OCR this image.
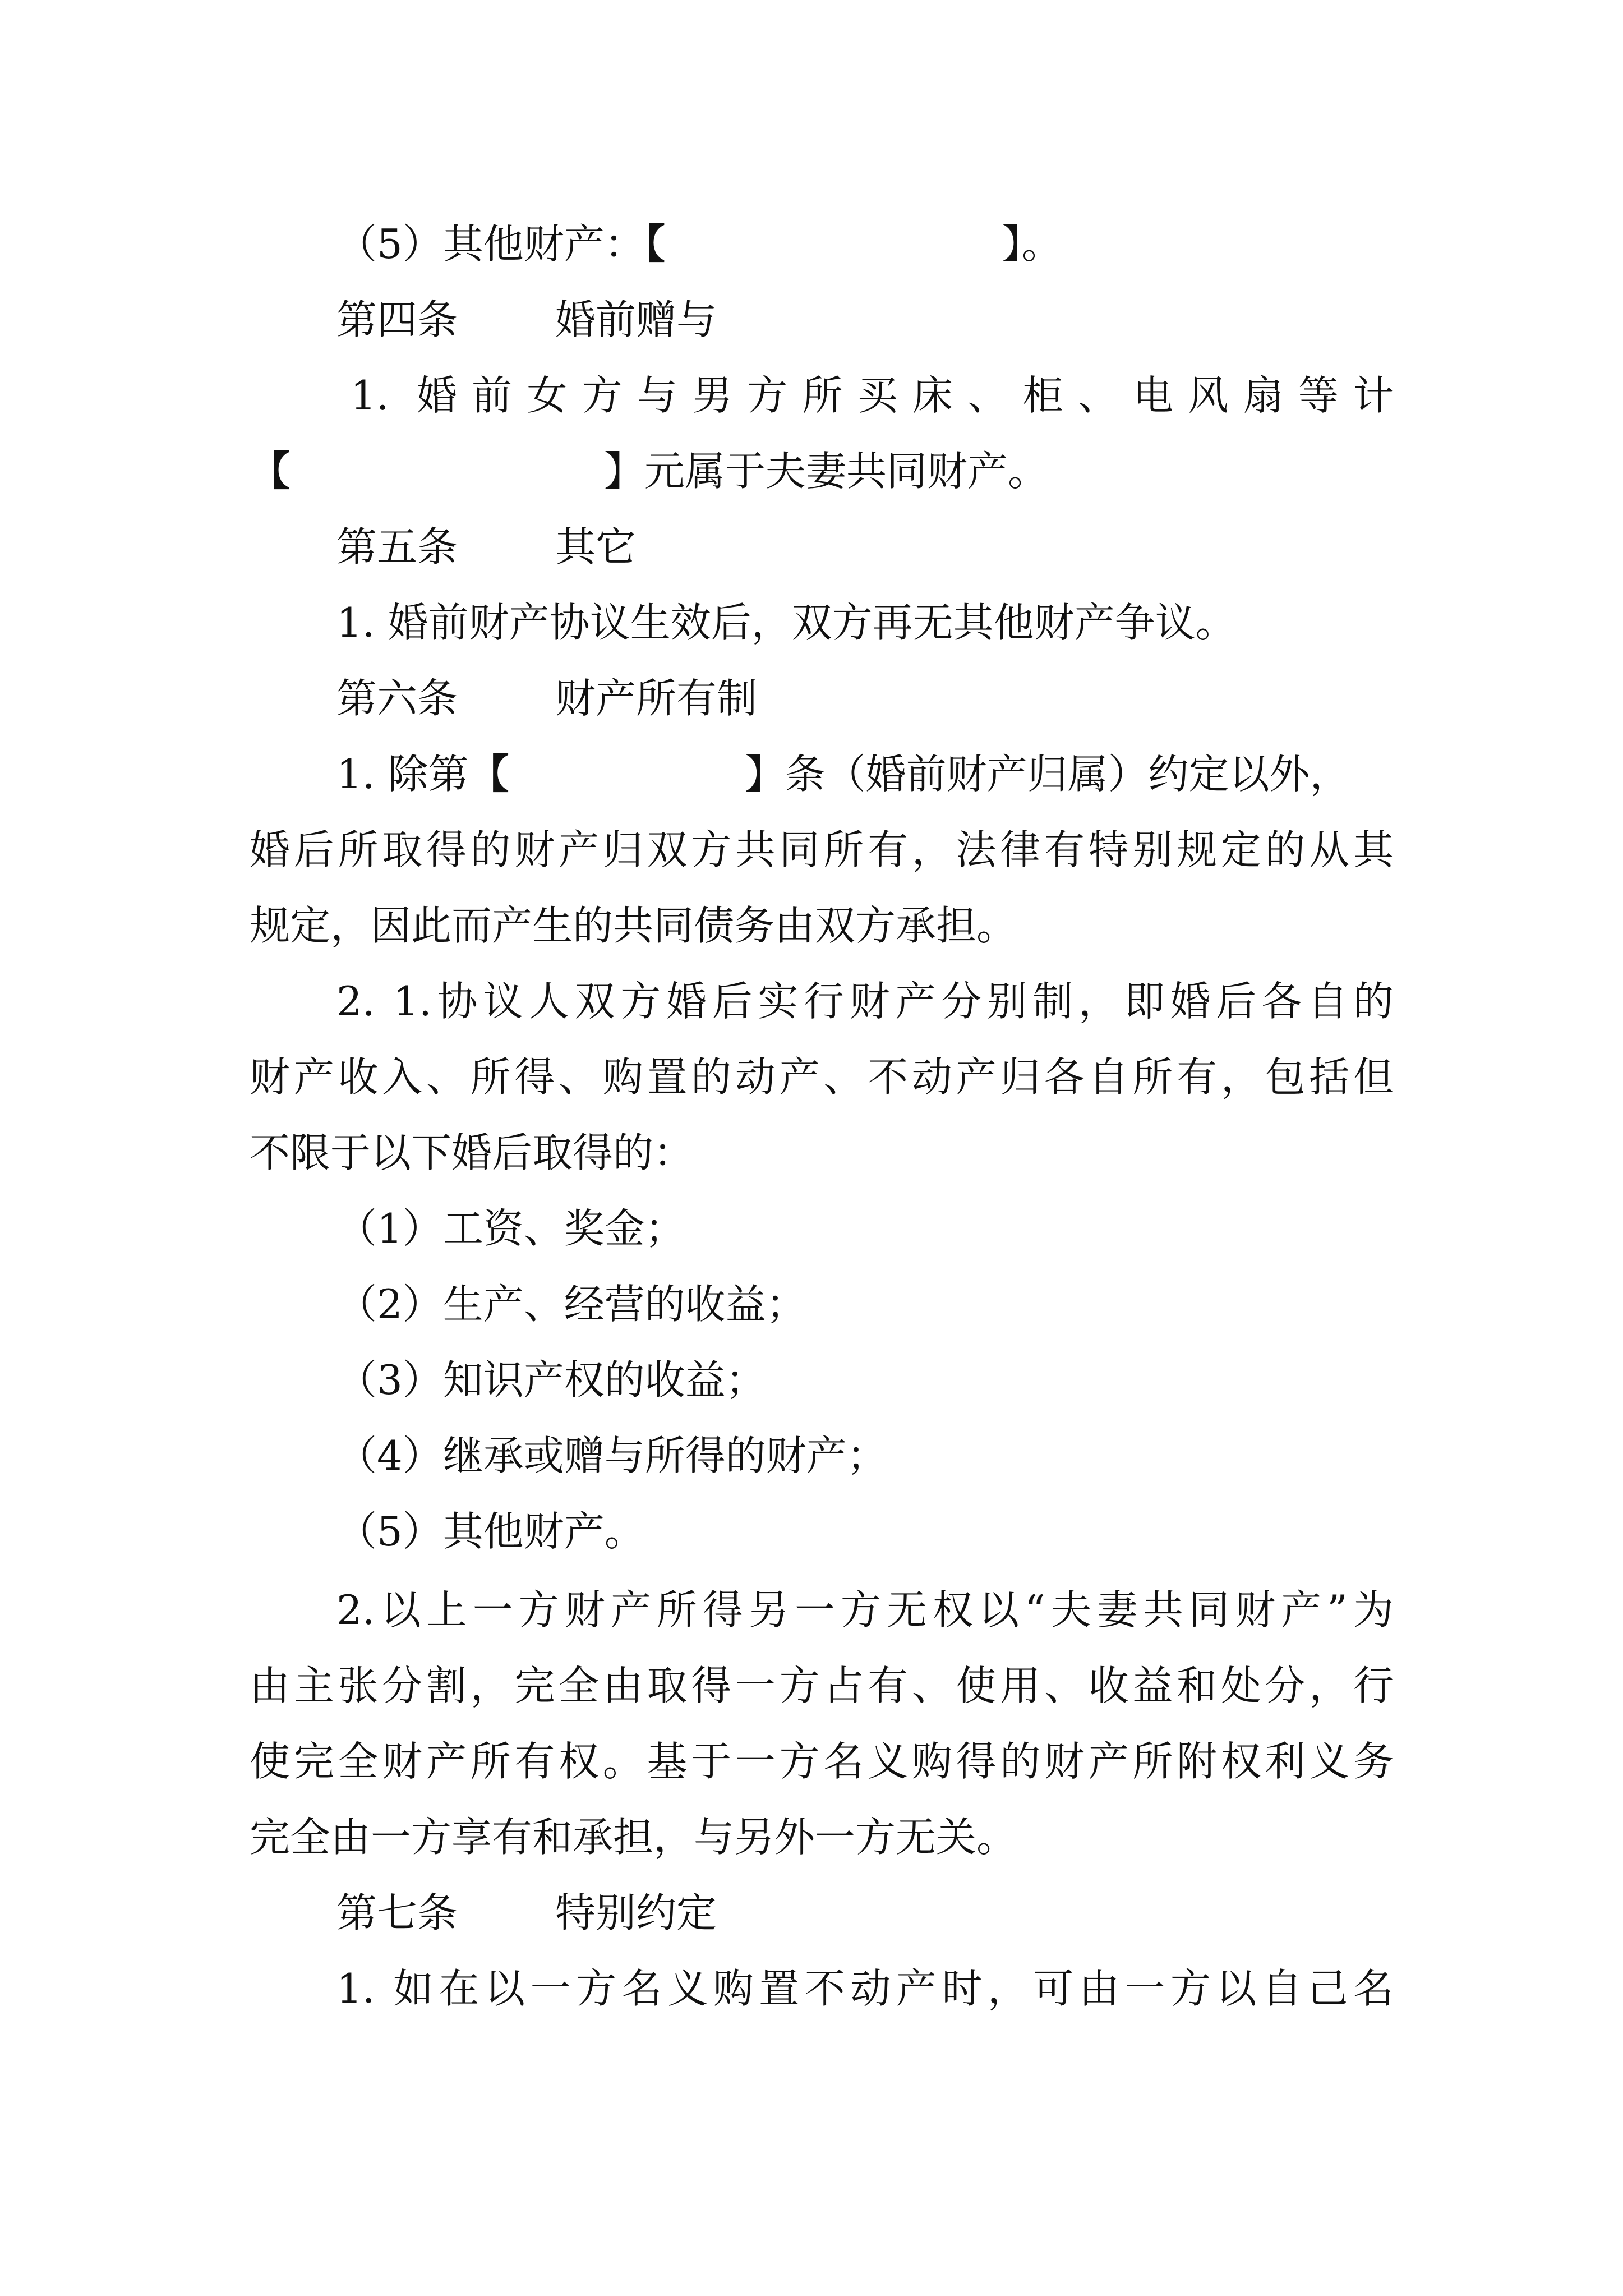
（5）其他财产：【	】。
第四条 婚前赠与
1. 婚前女方与男方所买床、柜、电风扇等计
【	】元属于夫妻共同财产。
第五条 其它
1. 婚前财产协议生效后，双方再无其他财产争议。
第六条 财产所有制
1. 除第【	】条（婚前财产归属）约定以外，
婚后所取得的财产归双方共同所有，法律有特别规定的从其
规定，因此而产生的共同债务由双方承担。
2. 1.协议人双方婚后实行财产分别制，即婚后各自的
财产收入、所得、购置的动产、不动产归各自所有，包括但
不限于以下婚后取得的：
（1）工资、奖金；
（2）生产、经营的收益；
（3）知识产权的收益；
（4）继承或赠与所得的财产；
（5）其他财产。
2.以上一方财产所得另一方无权以“夫妻共同财产”为
由主张分割，完全由取得一方占有、使用、收益和处分，行
使完全财产所有权。基于一方名义购得的财产所附权利义务
完全由一方享有和承担，与另外一方无关。
第七条 特别约定
1. 如在以一方名义购置不动产时，可由一方以自己名
